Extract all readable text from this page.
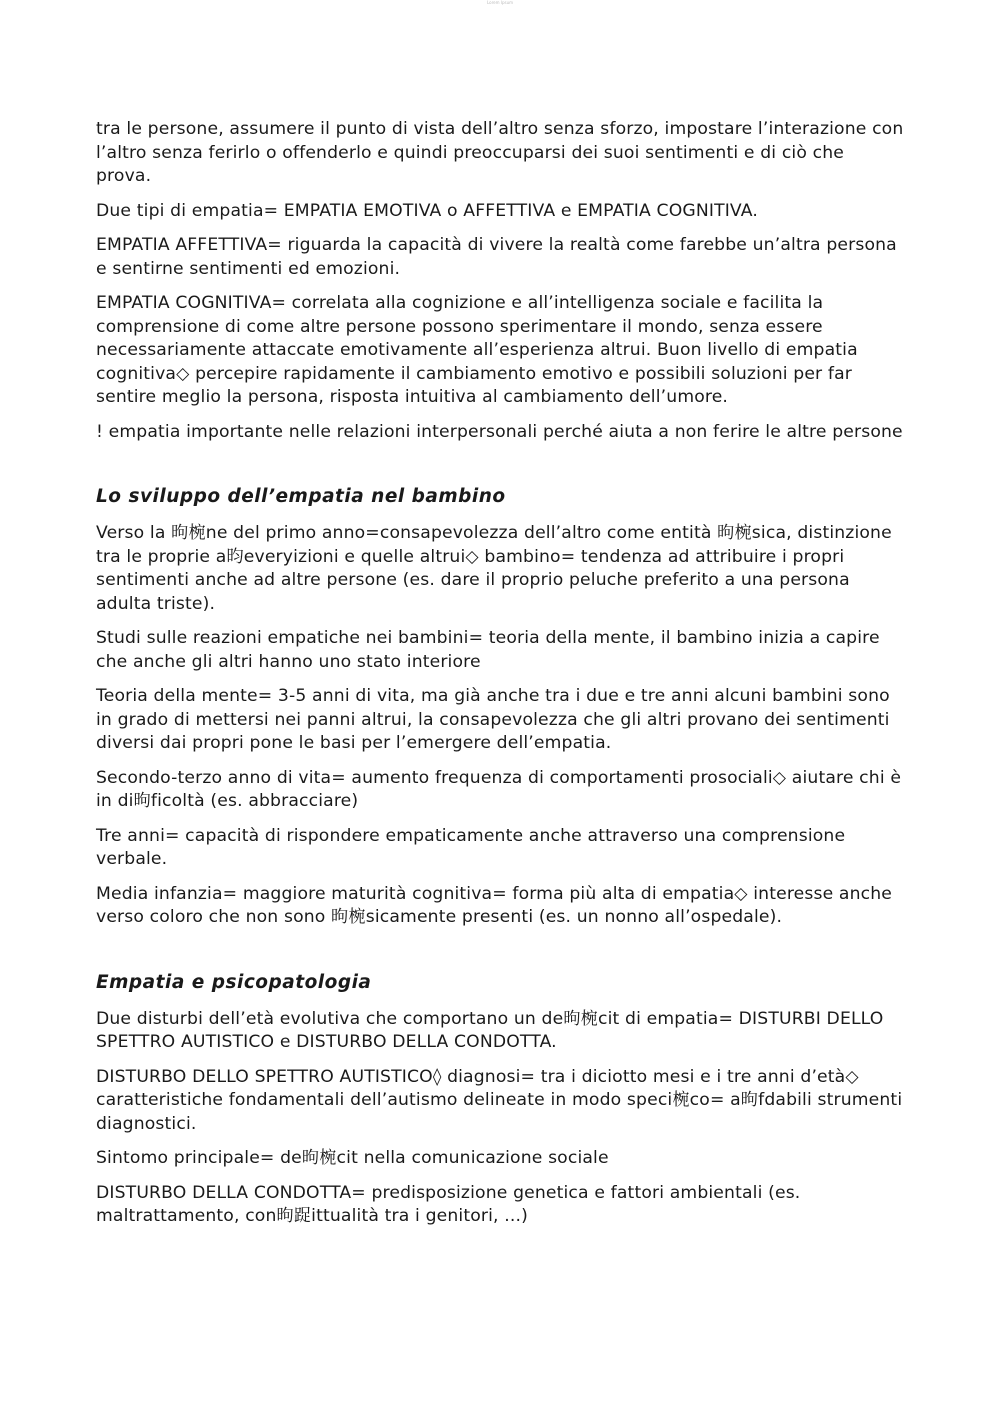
Lorem Ipsum

tra le persone, assumere il punto di vista dell’altro senza sforzo, impostare l’interazione con l’altro senza ferirlo o offenderlo e quindi preoccuparsi dei suoi sentimenti e di ciò che prova.

Due tipi di empatia= EMPATIA EMOTIVA o AFFETTIVA e EMPATIA COGNITIVA.

EMPATIA AFFETTIVA= riguarda la capacità di vivere la realtà come farebbe un’altra persona e sentirne sentimenti ed emozioni.

EMPATIA COGNITIVA= correlata alla cognizione e all’intelligenza sociale e facilita la comprensione di come altre persone possono sperimentare il mondo, senza essere necessariamente attaccate emotivamente all’esperienza altrui. Buon livello di empatia cognitiva◇ percepire rapidamente il cambiamento emotivo e possibili soluzioni per far sentire meglio la persona, risposta intuitiva al cambiamento dell’umore.

! empatia importante nelle relazioni interpersonali perché aiuta a non ferire le altre persone

Lo sviluppo dell’empatia nel bambino

Verso la 昫椀ne del primo anno=consapevolezza dell’altro come entità 昫椀sica, distinzione tra le proprie a昀everyizioni e quelle altrui◇ bambino= tendenza ad attribuire i propri sentimenti anche ad altre persone (es. dare il proprio peluche preferito a una persona adulta triste).

Studi sulle reazioni empatiche nei bambini= teoria della mente, il bambino inizia a capire che anche gli altri hanno uno stato interiore

Teoria della mente= 3-5 anni di vita, ma già anche tra i due e tre anni alcuni bambini sono in grado di mettersi nei panni altrui, la consapevolezza che gli altri provano dei sentimenti diversi dai propri pone le basi per l’emergere dell’empatia.

Secondo-terzo anno di vita= aumento frequenza di comportamenti prosociali◇ aiutare chi è in di昫ficoltà (es. abbracciare)

Tre anni= capacità di rispondere empaticamente anche attraverso una comprensione verbale.

Media infanzia= maggiore maturità cognitiva= forma più alta di empatia◇ interesse anche verso coloro che non sono 昫椀sicamente presenti (es. un nonno all’ospedale).

Empatia e psicopatologia

Due disturbi dell’età evolutiva che comportano un de昫椀cit di empatia= DISTURBI DELLO SPETTRO AUTISTICO e DISTURBO DELLA CONDOTTA.

DISTURBO DELLO SPETTRO AUTISTICO◊ diagnosi= tra i diciotto mesi e i tre anni d’età◇ caratteristiche fondamentali dell’autismo delineate in modo speci椀co= a昫fdabili strumenti diagnostici.

Sintomo principale= de昫椀cit nella comunicazione sociale

DISTURBO DELLA CONDOTTA= predisposizione genetica e fattori ambientali (es. maltrattamento, con昫踀ittualità tra i genitori, ...)
